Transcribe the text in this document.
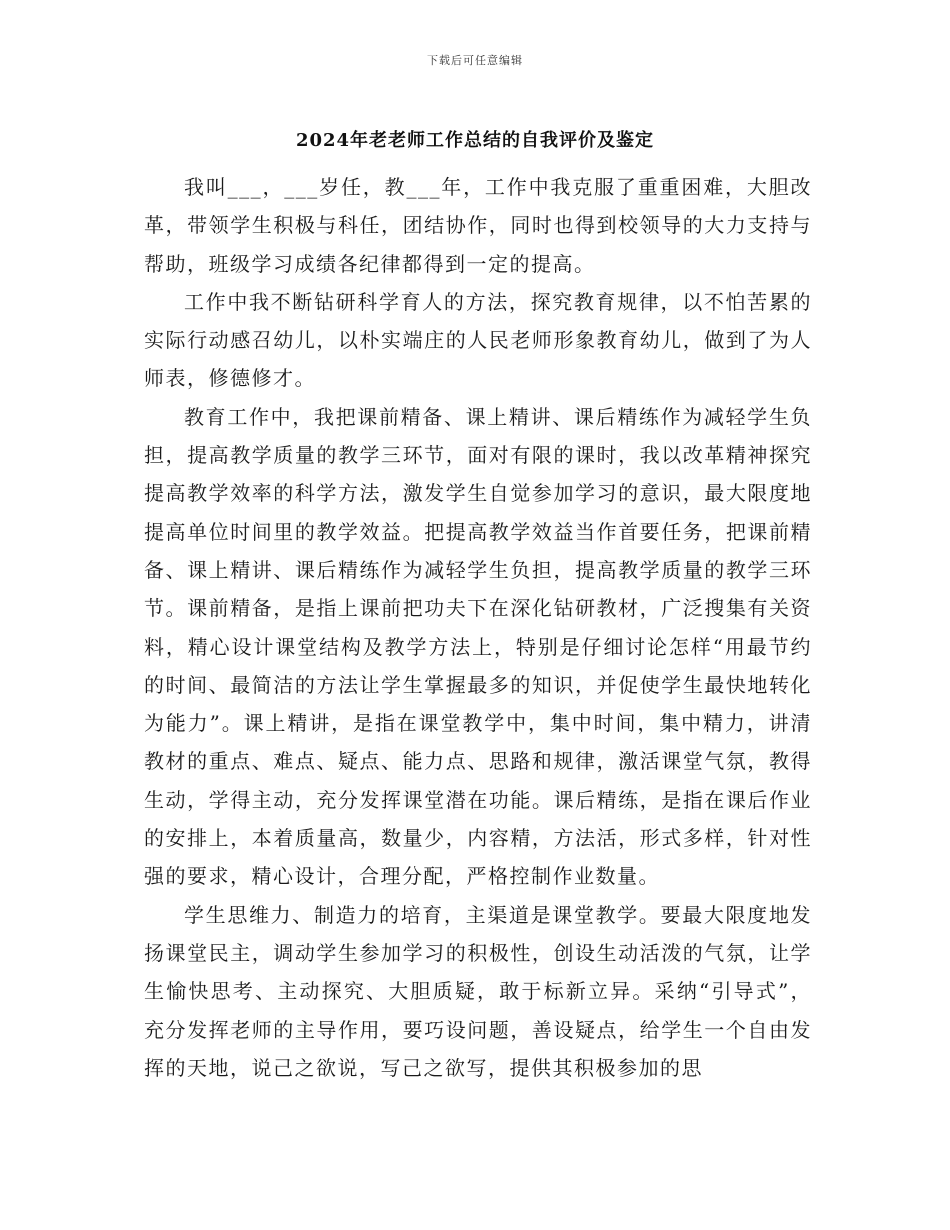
下载后可任意编辑
2024年老老师工作总结的自我评价及鉴定

我叫___，___岁任，教___年，工作中我克服了重重困难，大胆改革，带领学生积极与科任，团结协作，同时也得到校领导的大力支持与帮助，班级学习成绩各纪律都得到一定的提高。

工作中我不断钻研科学育人的方法，探究教育规律，以不怕苦累的实际行动感召幼儿，以朴实端庄的人民老师形象教育幼儿，做到了为人师表，修德修才。

教育工作中，我把课前精备、课上精讲、课后精练作为减轻学生负担，提高教学质量的教学三环节，面对有限的课时，我以改革精神探究提高教学效率的科学方法，激发学生自觉参加学习的意识，最大限度地提高单位时间里的教学效益。把提高教学效益当作首要任务，把课前精备、课上精讲、课后精练作为减轻学生负担，提高教学质量的教学三环节。课前精备，是指上课前把功夫下在深化钻研教材，广泛搜集有关资料，精心设计课堂结构及教学方法上，特别是仔细讨论怎样“用最节约的时间、最简洁的方法让学生掌握最多的知识，并促使学生最快地转化为能力”。课上精讲，是指在课堂教学中，集中时间，集中精力，讲清教材的重点、难点、疑点、能力点、思路和规律，激活课堂气氛，教得生动，学得主动，充分发挥课堂潜在功能。课后精练，是指在课后作业的安排上，本着质量高，数量少，内容精，方法活，形式多样，针对性强的要求，精心设计，合理分配，严格控制作业数量。

学生思维力、制造力的培育，主渠道是课堂教学。要最大限度地发扬课堂民主，调动学生参加学习的积极性，创设生动活泼的气氛，让学生愉快思考、主动探究、大胆质疑，敢于标新立异。采纳“引导式”，充分发挥老师的主导作用，要巧设问题，善设疑点，给学生一个自由发挥的天地，说己之欲说，写己之欲写，提供其积极参加的思
